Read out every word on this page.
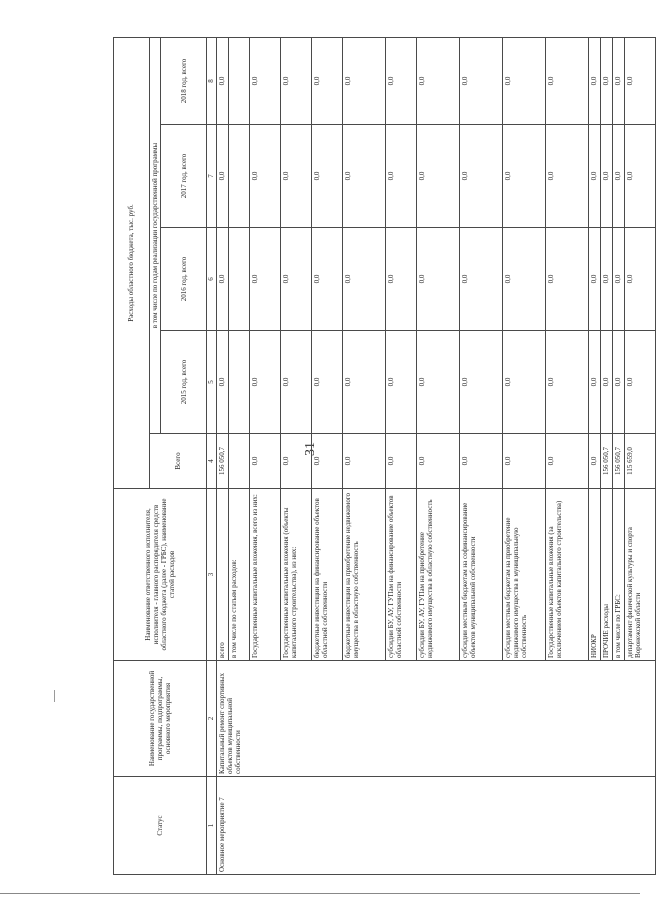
31
Статус	Наименование государственной программы, подпрограммы, основного мероприятия	Наименование ответственного исполнителя, исполнителя - главного распорядителя средств областного бюджета (далее - ГРБС), наименование статей расходов	Расходы областного бюджета, тыс. руб.				
			Всего	в том числе по годам реализации государственной программы			
				2015 год, всего	2016 год, всего	2017 год, всего	2018 год, всего
1	2	3	4	5	6	7	8
Основное мероприятие 7	Капитальный ремонт спортивных объектов муниципальной собственности	всего	156 050,7	0,0	0,0	0,0	0,0
		в том числе по статьям расходов:					
		Государственные капитальные вложения, всего из них:	0,0	0,0	0,0	0,0	0,0
		Государственные капитальные вложения (объекты капитального строительства), из них:	0,0	0,0	0,0	0,0	0,0
		бюджетные инвестиции на финансирование объектов областной собственности	0,0	0,0	0,0	0,0	0,0
		бюджетные инвестиции на приобретение недвижимого имущества в областную собственность	0,0	0,0	0,0	0,0	0,0
		субсидии БУ, АУ, ГУПам на финансирование объектов областной собственности	0,0	0,0	0,0	0,0	0,0
		субсидии БУ, АУ, ГУПам на приобретение недвижимого имущества в областную собственность	0,0	0,0	0,0	0,0	0,0
		субсидии местным бюджетам на софинансирование объектов муниципальной собственности	0,0	0,0	0,0	0,0	0,0
		субсидии местным бюджетам на приобретение недвижимого имущества в муниципальную собственность	0,0	0,0	0,0	0,0	0,0
		Государственные капитальные вложения (за исключением объектов капитального строительства)	0,0	0,0	0,0	0,0	0,0
		НИОКР	0,0	0,0	0,0	0,0	0,0
		ПРОЧИЕ расходы	156 050,7	0,0	0,0	0,0	0,0
		в том числе по ГРБС:	156 050,7	0,0	0,0	0,0	0,0
		департамент физической культуры и спорта Воронежской области	115 659,0	0,0	0,0	0,0	0,0
